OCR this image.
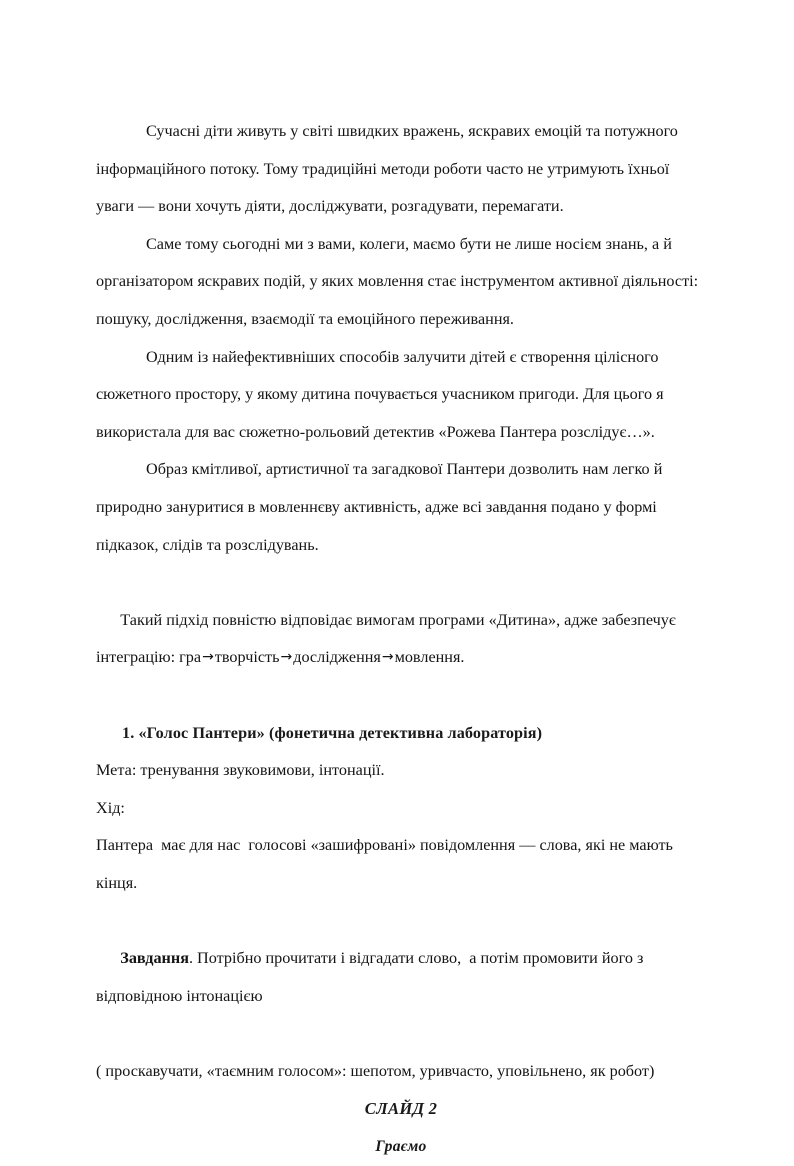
Сучасні діти живуть у світі швидких вражень, яскравих емоцій та потужного інформаційного потоку. Тому традиційні методи роботи часто не утримують їхньої уваги — вони хочуть діяти, досліджувати, розгадувати, перемагати.

Саме тому сьогодні ми з вами, колеги, маємо бути не лише носієм знань, а й організатором яскравих подій, у яких мовлення стає інструментом активної діяльності: пошуку, дослідження, взаємодії та емоційного переживання.

Одним із найефективніших способів залучити дітей є створення цілісного сюжетного простору, у якому дитина почувається учасником пригоди. Для цього я використала для вас сюжетно-рольовий детектив «Рожева Пантера розслідує…».

Образ кмітливої, артистичної та загадкової Пантери дозволить нам легко й природно зануритися в мовленнєву активність, адже всі завдання подано у формі підказок, слідів та розслідувань.

Такий підхід повністю відповідає вимогам програми «Дитина», адже забезпечує інтеграцію: гра→творчість→дослідження→мовлення.

1. «Голос Пантери» (фонетична детективна лабораторія)

Мета: тренування звуковимови, інтонації.

Хід:

Пантера  має для нас  голосові «зашифровані» повідомлення — слова, які не мають кінця.

Завдання. Потрібно прочитати і відгадати слово,  а потім промовити його з відповідною інтонацією

( проскавучати, «таємним голосом»: шепотом, уривчасто, уповільнено, як робот)

СЛАЙД 2

Граємо
